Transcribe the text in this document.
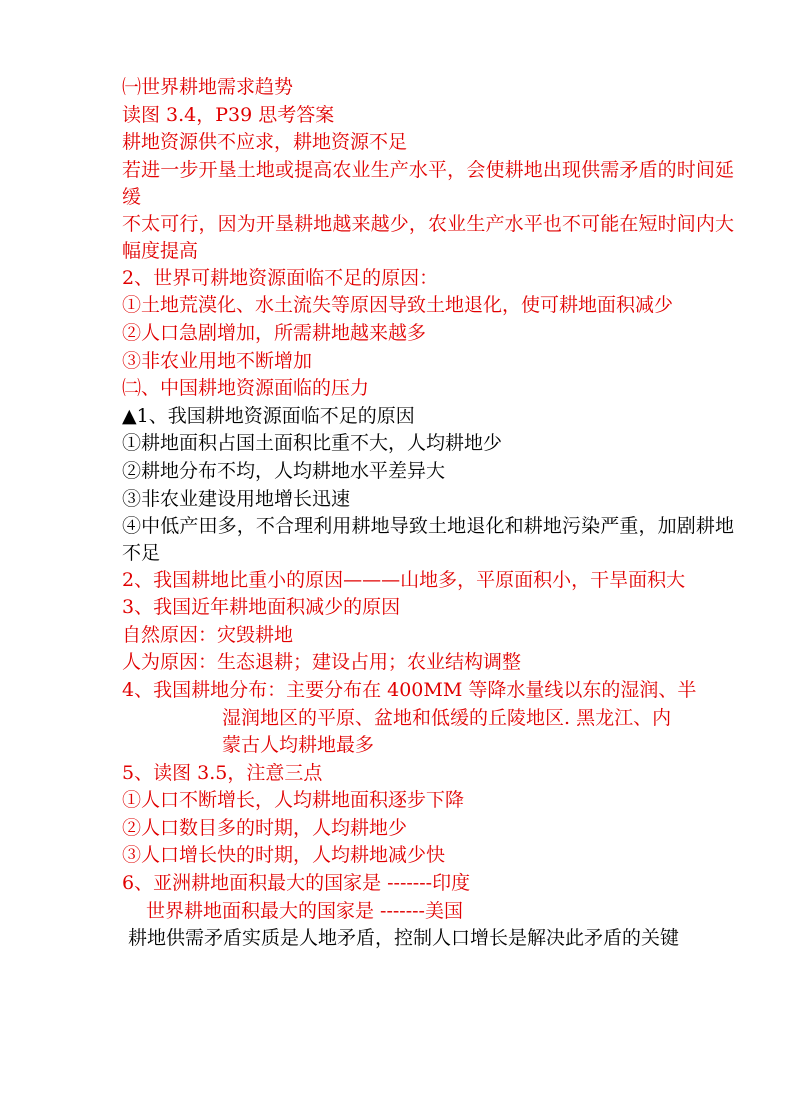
㈠世界耕地需求趋势
读图 3.4，P39 思考答案
耕地资源供不应求，耕地资源不足
若进一步开垦土地或提高农业生产水平，会使耕地出现供需矛盾的时间延缓
不太可行，因为开垦耕地越来越少，农业生产水平也不可能在短时间内大幅度提高
2、世界可耕地资源面临不足的原因：
①土地荒漠化、水土流失等原因导致土地退化，使可耕地面积减少
②人口急剧增加，所需耕地越来越多
③非农业用地不断增加
㈡、中国耕地资源面临的压力
▲1、我国耕地资源面临不足的原因
①耕地面积占国土面积比重不大，人均耕地少
②耕地分布不均，人均耕地水平差异大
③非农业建设用地增长迅速
④中低产田多，不合理利用耕地导致土地退化和耕地污染严重，加剧耕地不足
2、我国耕地比重小的原因———山地多，平原面积小，干旱面积大
3、我国近年耕地面积减少的原因
自然原因：灾毁耕地
人为原因：生态退耕；建设占用；农业结构调整
4、我国耕地分布：主要分布在 400MM 等降水量线以东的湿润、半
湿润地区的平原、盆地和低缓的丘陵地区. 黑龙江、内
蒙古人均耕地最多
5、读图 3.5，注意三点
①人口不断增长，人均耕地面积逐步下降
②人口数目多的时期，人均耕地少
③人口增长快的时期，人均耕地减少快
6、亚洲耕地面积最大的国家是 -------印度
世界耕地面积最大的国家是 -------美国
耕地供需矛盾实质是人地矛盾，控制人口增长是解决此矛盾的关键
